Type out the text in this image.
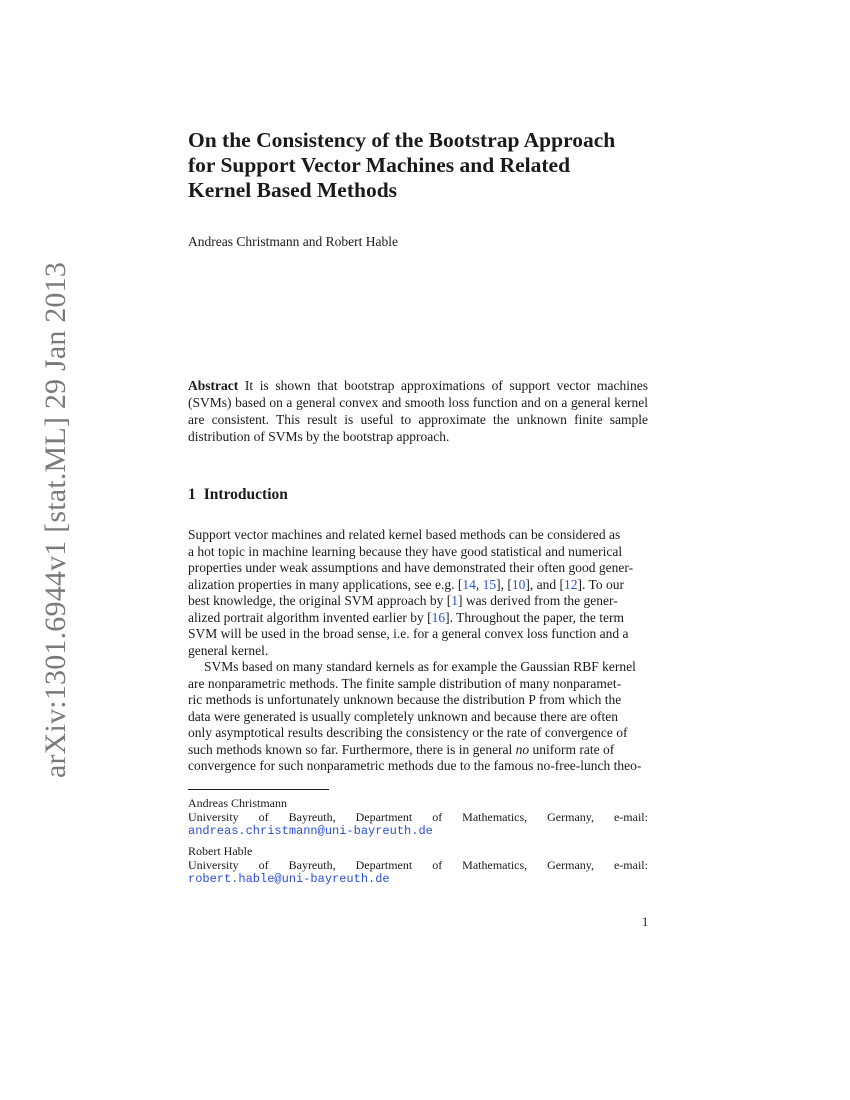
arXiv:1301.6944v1 [stat.ML] 29 Jan 2013
On the Consistency of the Bootstrap Approach
for Support Vector Machines and Related
Kernel Based Methods
Andreas Christmann and Robert Hable
Abstract It is shown that bootstrap approximations of support vector machines (SVMs) based on a general convex and smooth loss function and on a general kernel are consistent. This result is useful to approximate the unknown finite sample distribution of SVMs by the bootstrap approach.
1 Introduction
Support vector machines and related kernel based methods can be considered as
a hot topic in machine learning because they have good statistical and numerical
properties under weak assumptions and have demonstrated their often good gener-
alization properties in many applications, see e.g. [14, 15], [10], and [12]. To our
best knowledge, the original SVM approach by [1] was derived from the gener-
alized portrait algorithm invented earlier by [16]. Throughout the paper, the term
SVM will be used in the broad sense, i.e. for a general convex loss function and a
general kernel.
SVMs based on many standard kernels as for example the Gaussian RBF kernel
are nonparametric methods. The finite sample distribution of many nonparamet-
ric methods is unfortunately unknown because the distribution P from which the
data were generated is usually completely unknown and because there are often
only asymptotical results describing the consistency or the rate of convergence of
such methods known so far. Furthermore, there is in general no uniform rate of
convergence for such nonparametric methods due to the famous no-free-lunch theo-
Andreas Christmann
University of Bayreuth, Department of Mathematics, Germany, e-mail:
andreas.christmann@uni-bayreuth.de
Robert Hable
University of Bayreuth, Department of Mathematics, Germany, e-mail:
robert.hable@uni-bayreuth.de
1
